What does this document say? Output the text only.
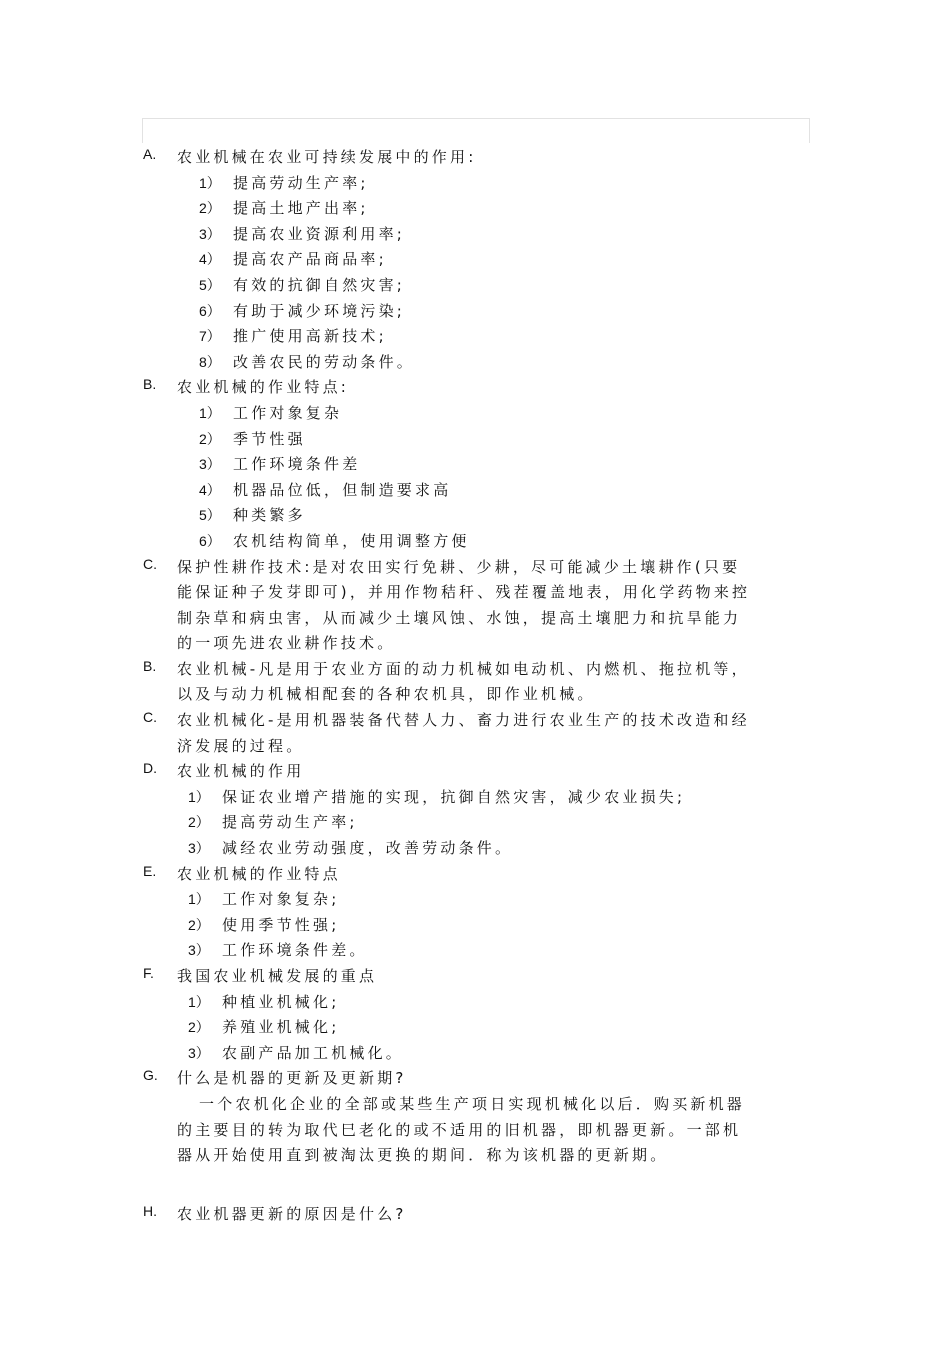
A. 农业机械在农业可持续发展中的作用:
1） 提高劳动生产率;
2） 提高土地产出率;
3） 提高农业资源利用率;
4） 提高农产品商品率;
5） 有效的抗御自然灾害;
6） 有助于减少环境污染;
7） 推广使用高新技术;
8） 改善农民的劳动条件。
B. 农业机械的作业特点:
1） 工作对象复杂
2） 季节性强
3） 工作环境条件差
4） 机器品位低，但制造要求高
5） 种类繁多
6） 农机结构简单，使用调整方便
C. 保护性耕作技术:是对农田实行免耕、少耕，尽可能减少土壤耕作(只要
能保证种子发芽即可)，并用作物秸秆、残茬覆盖地表，用化学药物来控
制杂草和病虫害，从而减少土壤风蚀、水蚀，提高土壤肥力和抗旱能力
的一项先进农业耕作技术。
B. 农业机械-凡是用于农业方面的动力机械如电动机、内燃机、拖拉机等，
以及与动力机械相配套的各种农机具，即作业机械。
C. 农业机械化-是用机器装备代替人力、畜力进行农业生产的技术改造和经
济发展的过程。
D. 农业机械的作用
1） 保证农业增产措施的实现，抗御自然灾害，减少农业损失;
2） 提高劳动生产率;
3） 减经农业劳动强度，改善劳动条件。
E. 农业机械的作业特点
1） 工作对象复杂;
2） 使用季节性强;
3） 工作环境条件差。
F. 我国农业机械发展的重点
1） 种植业机械化;
2） 养殖业机械化;
3） 农副产品加工机械化。
G. 什么是机器的更新及更新期?
一个农机化企业的全部或某些生产项日实现机械化以后．购买新机器
的主要目的转为取代巳老化的或不适用的旧机器，即机器更新。一部机
器从开始使用直到被淘汰更换的期间．称为该机器的更新期。
H. 农业机器更新的原因是什么?
